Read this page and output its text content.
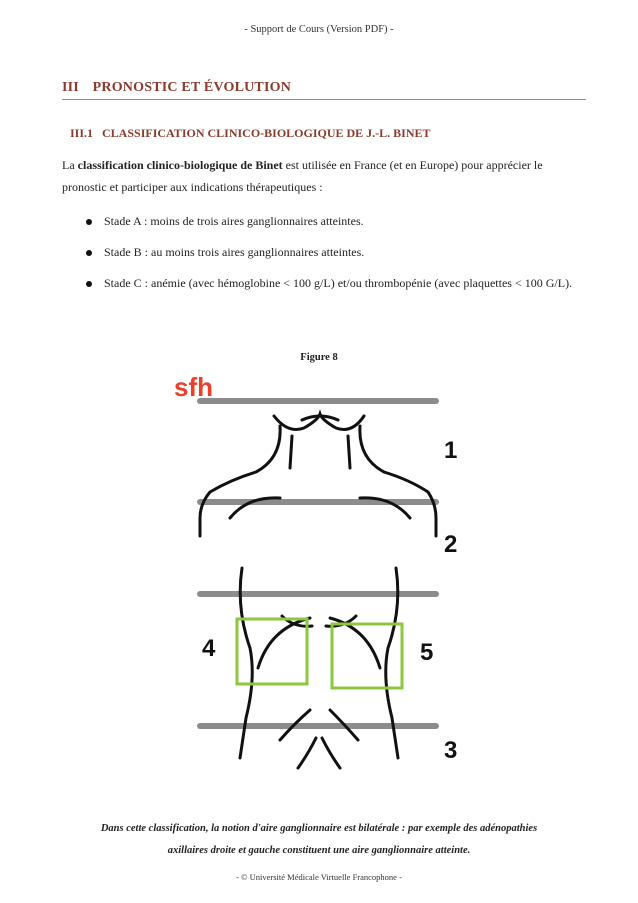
- Support de Cours (Version PDF) -
III PRONOSTIC ET ÉVOLUTION
III.1 CLASSIFICATION CLINICO-BIOLOGIQUE DE J.-L. BINET
La classification clinico-biologique de Binet est utilisée en France (et en Europe) pour apprécier le pronostic et participer aux indications thérapeutiques :
Stade A : moins de trois aires ganglionnaires atteintes.
Stade B : au moins trois aires ganglionnaires atteintes.
Stade C : anémie (avec hémoglobine < 100 g/L) et/ou thrombopénie (avec plaquettes < 100 G/L).
Figure 8
sfh
1
2
4	5
3
Dans cette classification, la notion d'aire ganglionnaire est bilatérale : par exemple des adénopathies
axillaires droite et gauche constituent une aire ganglionnaire atteinte.
- © Université Médicale Virtuelle Francophone -
